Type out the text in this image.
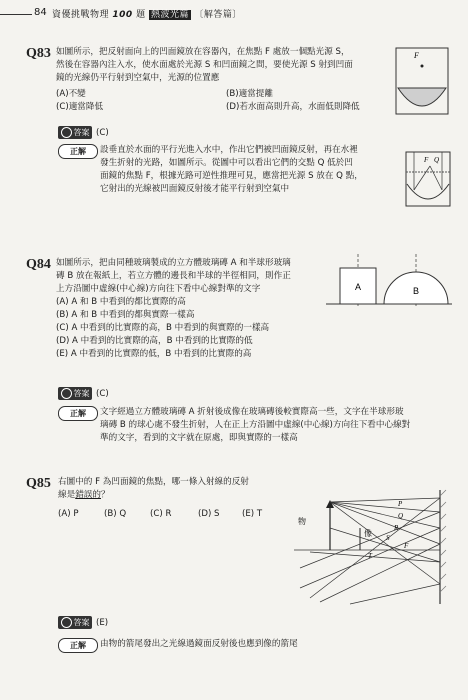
84 資優挑戰物理 100 題 熱波光篇 〔解答篇〕
Q83 如圖所示，把反射面向上的凹面鏡放在容器內，在焦點 F 處放一個點光源 S，
然後在容器內注入水，使水面處於光源 S 和凹面鏡之間，要使光源 S 射到凹面
鏡的光線仍平行射到空氣中，光源的位置應
(A)不變	(B)適當提離
(C)適當降低	(D)若水面高則升高，水面低則降低
F
答案 (C)
正解	設垂直於水面的平行光進入水中，作出它們被凹面鏡反射，再在水裡
發生折射的光路，如圖所示。從圖中可以看出它們的交點 Q 低於凹
面鏡的焦點 F，根據光路可逆性推理可見，應當把光源 S 放在 Q 點，
它射出的光線被凹面鏡反射後才能平行射到空氣中
F Q
Q84 如圖所示，把由同種玻璃製成的立方體玻璃磚 A 和半球形玻璃
磚 B 放在報紙上，若立方體的邊長和半球的半徑相同，則作正
上方沿圖中虛線(中心線)方向往下看中心線對準的文字
(A) A 和 B 中看到的都比實際的高
(B) A 和 B 中看到的都與實際一樣高
(C) A 中看到的比實際的高，B 中看到的與實際的一樣高
(D) A 中看到的比實際的高，B 中看到的比實際的低
(E) A 中看到的比實際的低，B 中看到的比實際的高
A	B
答案 (C)
正解	文字經過立方體玻璃磚 A 折射後成像在玻璃磚後較實際高一些，文字在半球形玻
璃磚 B 的球心處不發生折射，人在正上方沿圖中虛線(中心線)方向往下看中心線對
準的文字，看到的文字就在原處，即與實際的一樣高
Q85 右圖中的 F 為凹面鏡的焦點，哪一條入射線的反射
線是錯誤的？
(A) P	(B) Q	(C) R	(D) S	(E) T
物
像
P
Q
R
S
T
F
答案 (E)
正解	由物的箭尾發出之光線過鏡面反射後也應到像的箭尾
